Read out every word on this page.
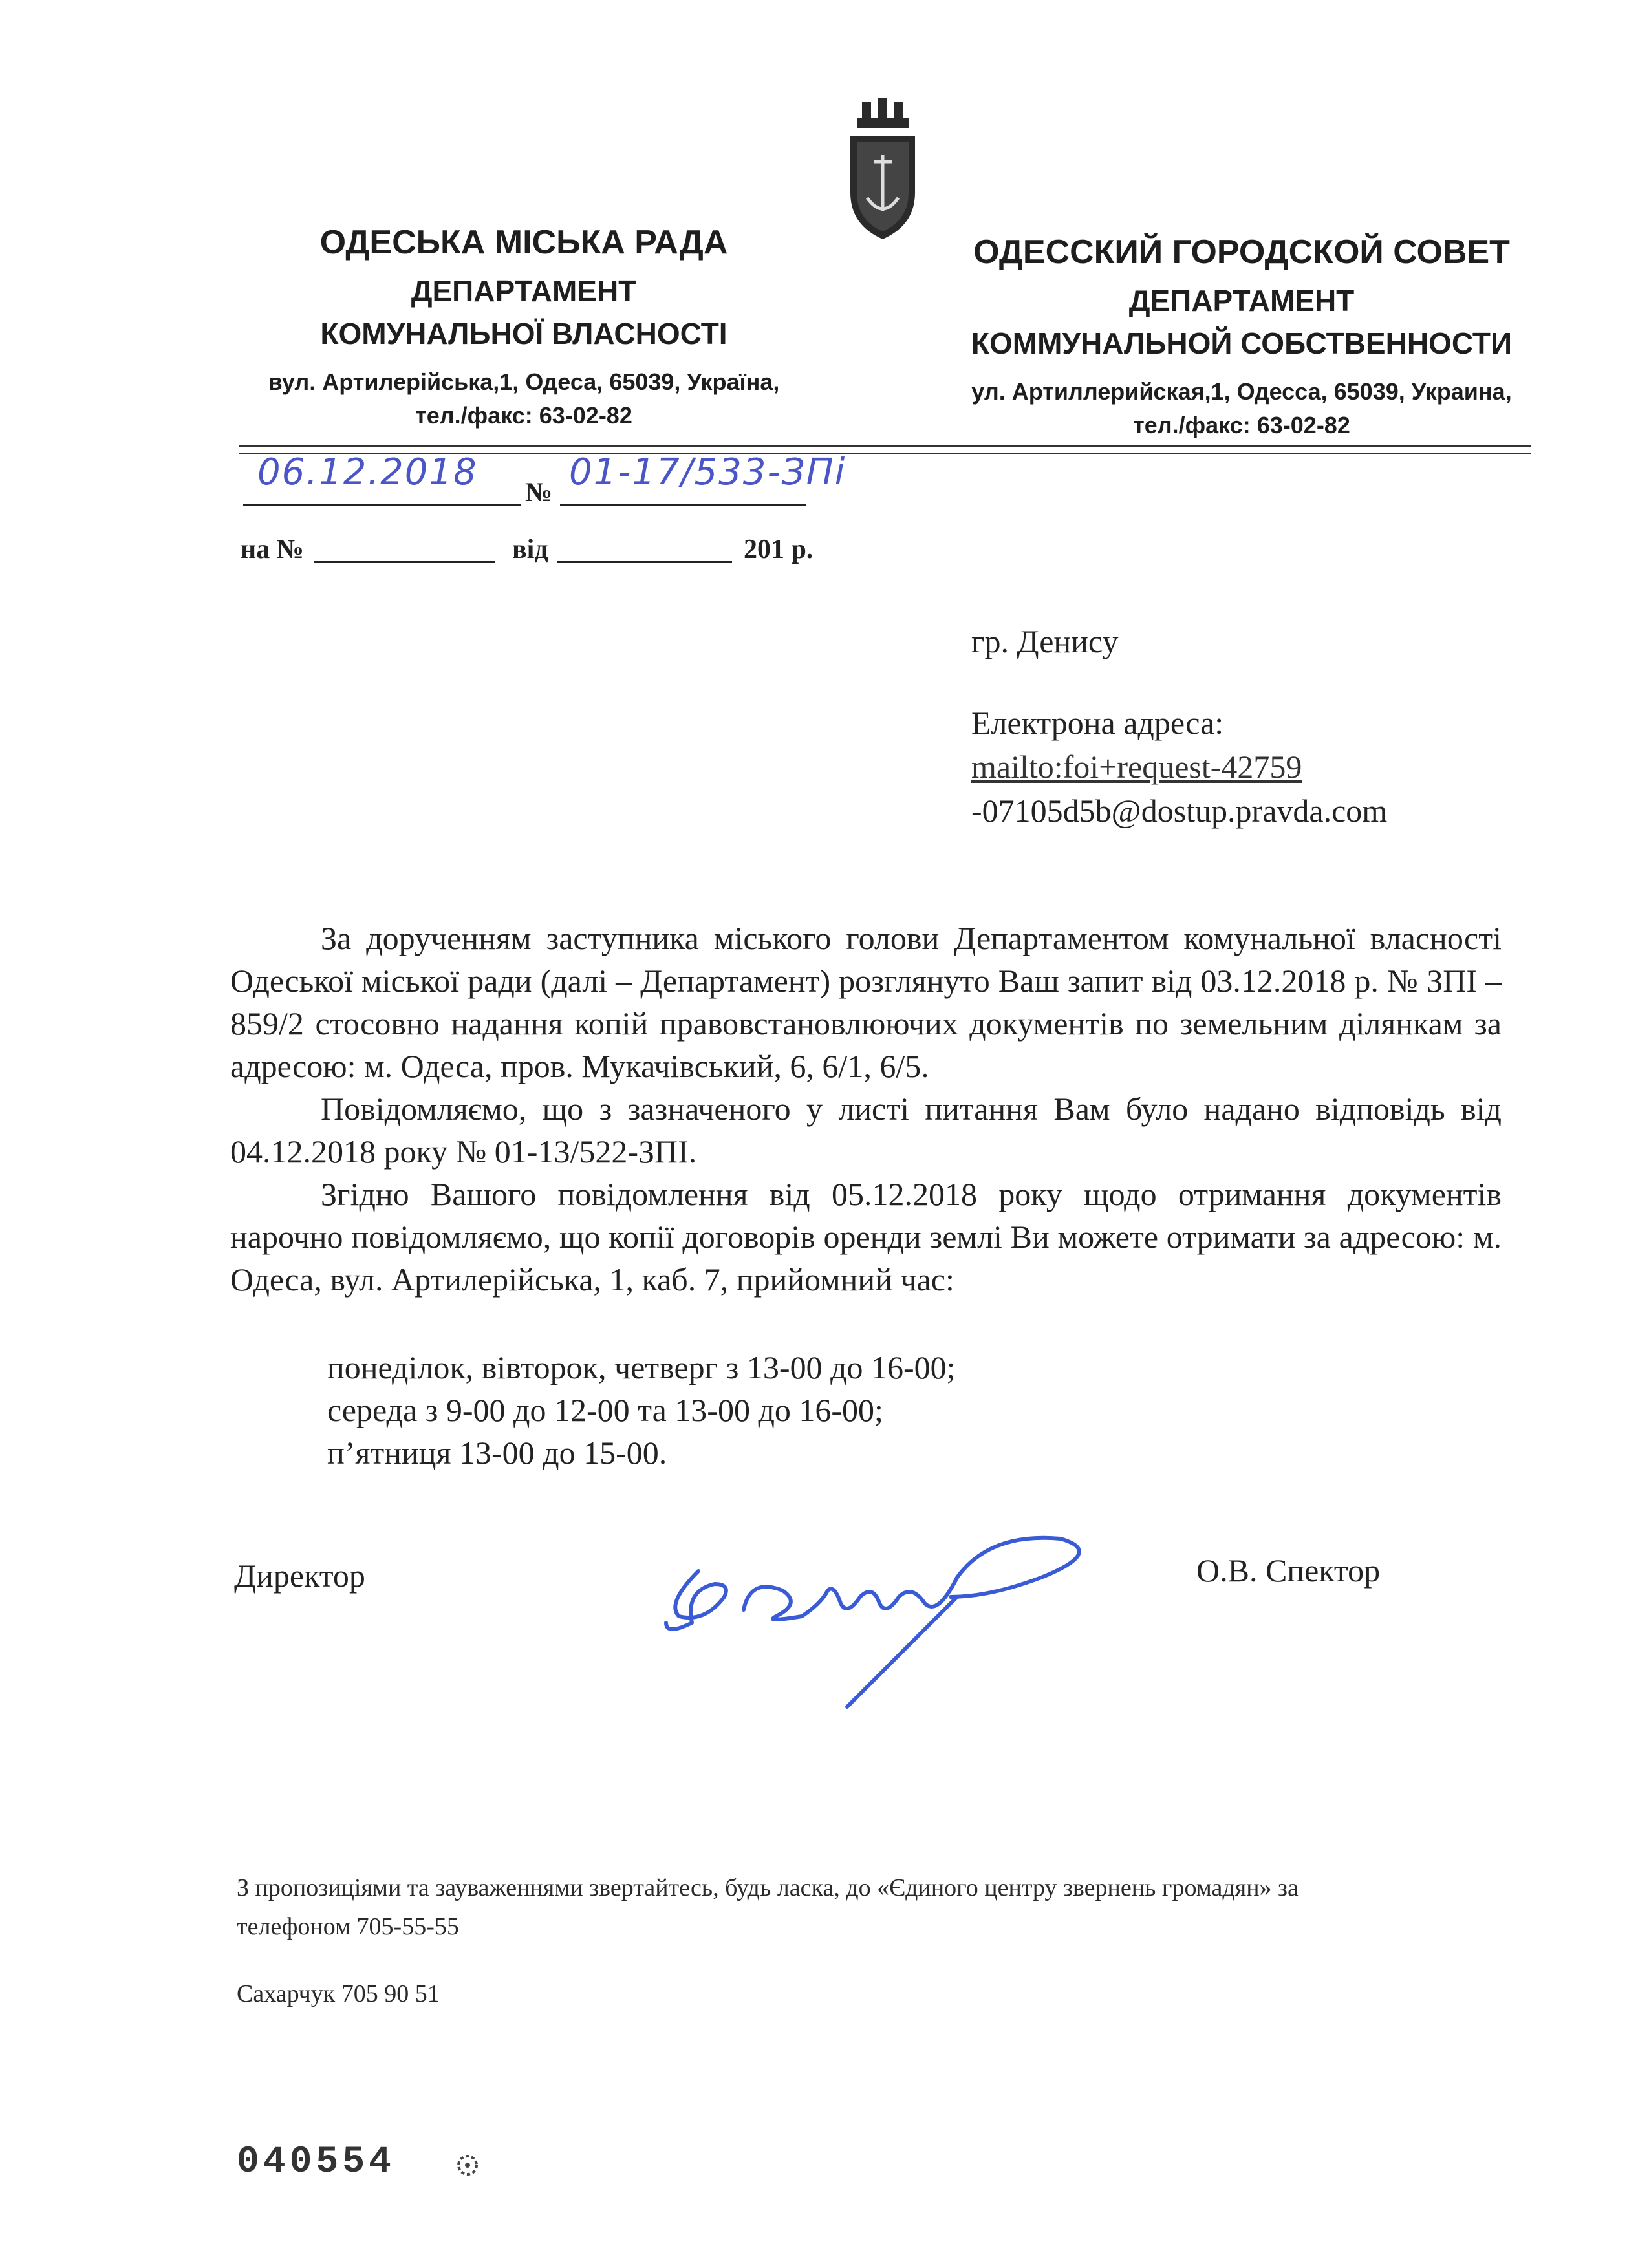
ОДЕСЬКА МІСЬКА РАДА
ДЕПАРТАМЕНТ
КОМУНАЛЬНОЇ ВЛАСНОСТІ
вул. Артилерійська,1, Одеса, 65039, Україна,
тел./факс: 63-02-82
ОДЕССКИЙ ГОРОДСКОЙ СОВЕТ
ДЕПАРТАМЕНТ
КОММУНАЛЬНОЙ СОБСТВЕННОСТИ
ул. Артиллерийская,1, Одесса, 65039, Украина,
тел./факс: 63-02-82
06.12.2018 № 01-17/533-ЗПі
на №	від	201 р.
гр. Денису
Електрона адреса:
mailto:foi+request-42759
-07105d5b@dostup.pravda.com

За дорученням заступника міського голови Департаментом комунальної власності Одеської міської ради (далі – Департамент) розглянуто Ваш запит від 03.12.2018 р. № ЗПІ – 859/2 стосовно надання копій правовстановлюючих документів по земельним ділянкам за адресою: м. Одеса, пров. Мукачівський, 6, 6/1, 6/5.

Повідомляємо, що з зазначеного у листі питання Вам було надано відповідь від 04.12.2018 року № 01-13/522-ЗПІ.

Згідно Вашого повідомлення від 05.12.2018 року щодо отримання документів нарочно повідомляємо, що копії договорів оренди землі Ви можете отримати за адресою: м. Одеса, вул. Артилерійська, 1, каб. 7, прийомний час:

понеділок, вівторок, четверг з 13-00 до 16-00;
середа з 9-00 до 12-00 та 13-00 до 16-00;
п’ятниця 13-00 до 15-00.
Директор	О.В. Спектор
З пропозиціями та зауваженнями звертайтесь, будь ласка, до «Єдиного центру звернень громадян» за
телефоном 705-55-55
Сахарчук 705 90 51
040554
